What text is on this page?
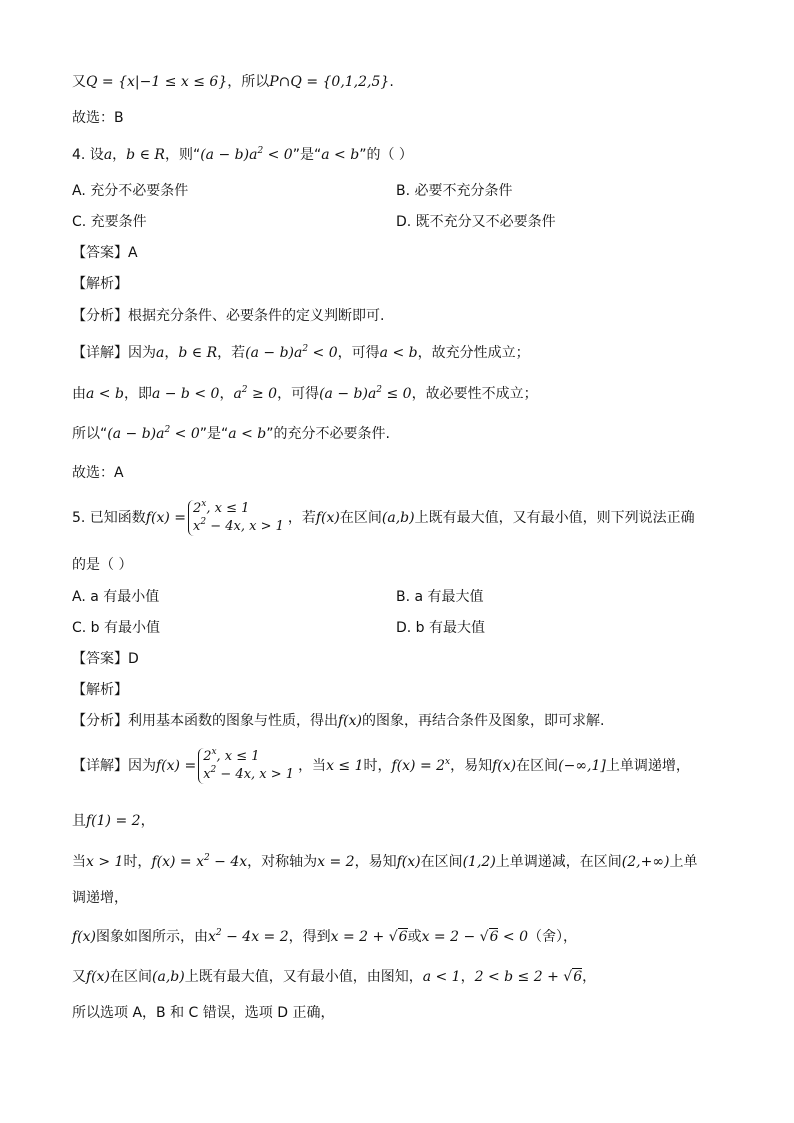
又Q = {x|−1 ≤ x ≤ 6}，所以P∩Q = {0,1,2,5}.
故选：B
4. 设a，b ∈ R，则“$(a - b)a^2 < 0$”是“a < b”的（ ）
A. 充分不必要条件	B. 必要不充分条件
C. 充要条件	D. 既不充分又不必要条件
【答案】A
【解析】
【分析】根据充分条件、必要条件的定义判断即可.
【详解】因为a，b ∈ R，若$(a - b)a^2 < 0$，可得a < b，故充分性成立；
由a < b，即a − b < 0，$a^2 \ge 0$，可得$(a - b)a^2 \le 0$，故必要性不成立；
所以“$(a - b)a^2 < 0$”是“a < b”的充分不必要条件.
故选：A
5. 已知函数f(x) =
$2^x$, x ≤ 1
$x^2 - 4x$, x > 1
，若f(x)在区间(a,b)上既有最大值，又有最小值，则下列说法正确
的是（ ）
A. a 有最小值	B. a 有最大值
C. b 有最小值	D. b 有最大值
【答案】D
【解析】
【分析】利用基本函数的图象与性质，得出f(x)的图象，再结合条件及图象，即可求解.
【详解】因为f(x) =
$2^x$, x ≤ 1
$x^2 - 4x$, x > 1
，当x ≤ 1时，$f(x) = 2^x$，易知f(x)在区间(−∞,1]上单调递增，
且f(1) = 2，
当x > 1时，$f(x) = x^2 - 4x$，对称轴为x = 2，易知f(x)在区间(1,2)上单调递减，在区间(2,+∞)上单
调递增，
f(x)图象如图所示，由$x^2 - 4x = 2$，得到x = 2 + √6或x = 2 − √6 < 0（舍），
又f(x)在区间(a,b)上既有最大值，又有最小值，由图知，a < 1，2 < b ≤ 2 + √6，
所以选项 A，B 和 C 错误，选项 D 正确，
